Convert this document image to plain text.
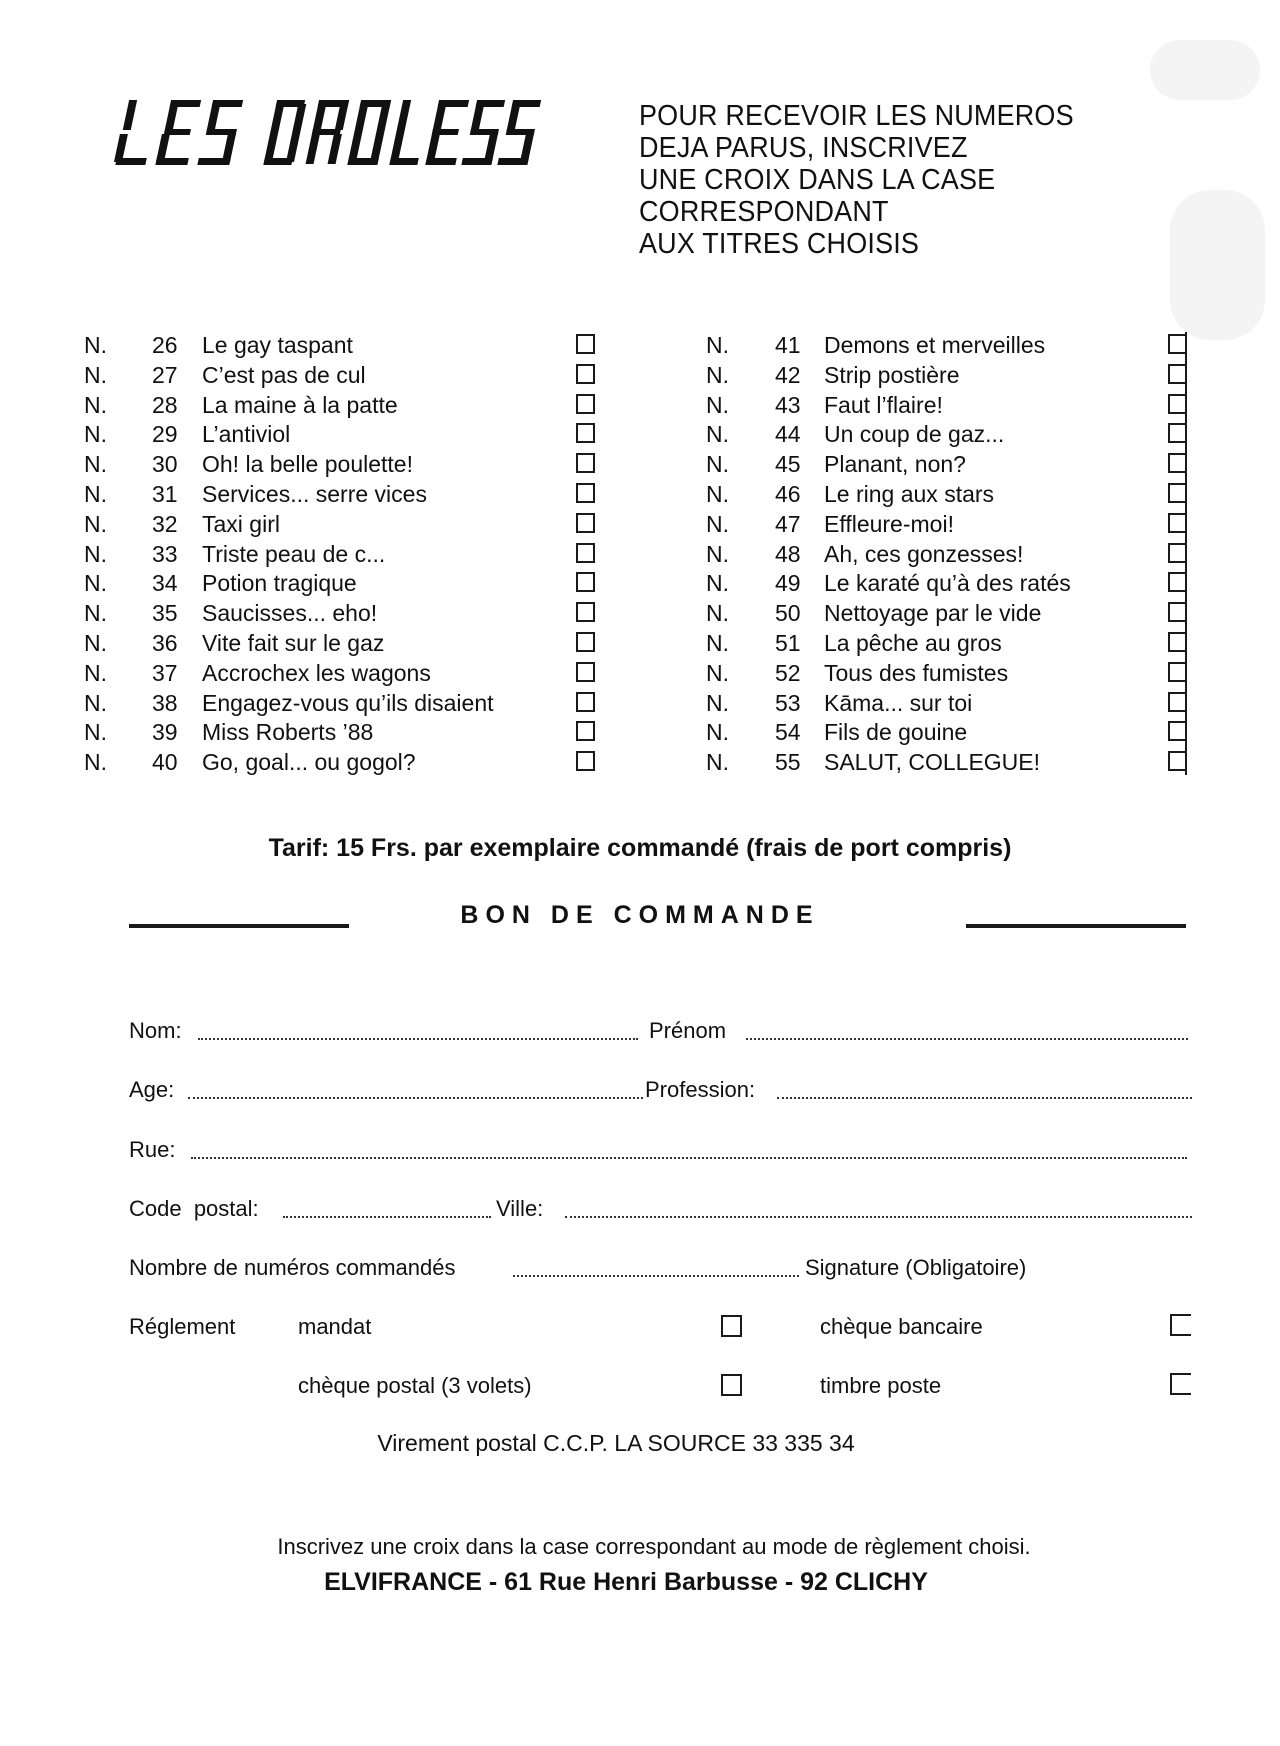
POUR RECEVOIR LES NUMEROS
DEJA PARUS, INSCRIVEZ
UNE CROIX DANS LA CASE
CORRESPONDANT
AUX TITRES CHOISIS
N. 26 Le gay taspant
N. 27 C’est pas de cul
N. 28 La maine à la patte
N. 29 L’antiviol
N. 30 Oh! la belle poulette!
N. 31 Services... serre vices
N. 32 Taxi girl
N. 33 Triste peau de c...
N. 34 Potion tragique
N. 35 Saucisses... eho!
N. 36 Vite fait sur le gaz
N. 37 Accrochex les wagons
N. 38 Engagez-vous qu’ils disaient
N. 39 Miss Roberts ’88
N. 40 Go, goal... ou gogol?
N. 41 Demons et merveilles
N. 42 Strip postière
N. 43 Faut l’flaire!
N. 44 Un coup de gaz...
N. 45 Planant, non?
N. 46 Le ring aux stars
N. 47 Effleure-moi!
N. 48 Ah, ces gonzesses!
N. 49 Le karaté qu’à des ratés
N. 50 Nettoyage par le vide
N. 51 La pêche au gros
N. 52 Tous des fumistes
N. 53 Kāma... sur toi
N. 54 Fils de gouine
N. 55 SALUT, COLLEGUE!
Tarif: 15 Frs. par exemplaire commandé (frais de port compris)
BON DE COMMANDE
Nom:	Prénom
Age:	Profession:
Rue:
Code  postal:	Ville:
Nombre de numéros commandés	Signature (Obligatoire)
Réglement	mandat	chèque bancaire
chèque postal (3 volets)	timbre poste
Virement postal C.C.P. LA SOURCE 33 335 34
Inscrivez une croix dans la case correspondant au mode de règlement choisi.
ELVIFRANCE - 61 Rue Henri Barbusse - 92 CLICHY
